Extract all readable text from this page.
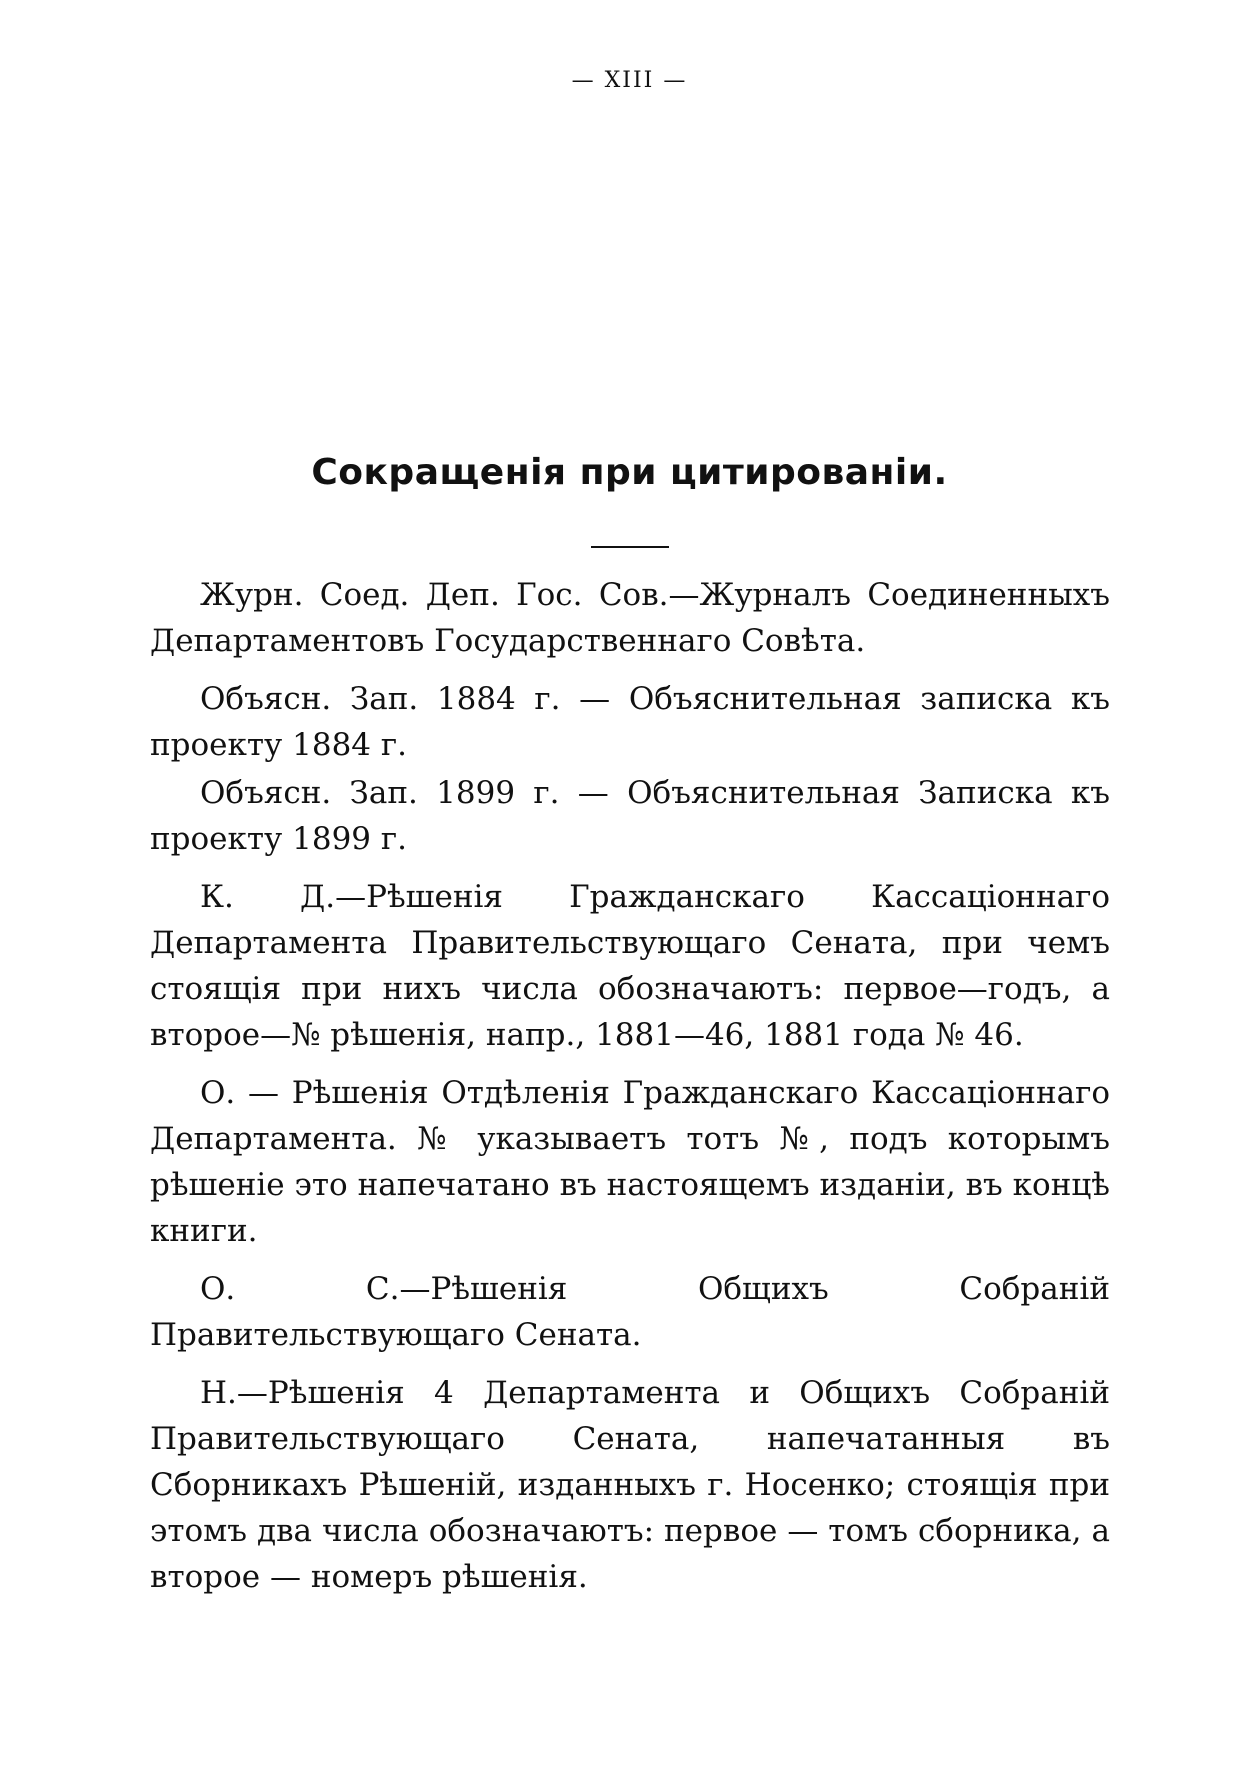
— XIII —
Сокращенія при цитированіи.

Журн. Соед. Деп. Гос. Сов.—Журналъ Соединенныхъ Департаментовъ Государственнаго Совѣта.

Объясн. Зап. 1884 г. — Объяснительная записка къ проекту 1884 г.

Объясн. Зап. 1899 г. — Объяснительная Записка къ проекту 1899 г.

К. Д.—Рѣшенія Гражданскаго Кассаціоннаго Департамента Правительствующаго Сената, при чемъ стоящія при нихъ числа обозначаютъ: первое—годъ, а второе—№ рѣшенія, напр., 1881—46, 1881 года № 46.

О. — Рѣшенія Отдѣленія Гражданскаго Кассаціоннаго Департамента. № указываетъ тотъ №, подъ которымъ рѣшеніе это напечатано въ настоящемъ изданіи, въ концѣ книги.

О. С.—Рѣшенія Общихъ Собраній Правительствующаго Сената.

Н.—Рѣшенія 4 Департамента и Общихъ Собраній Правительствующаго Сената, напечатанныя въ Сборникахъ Рѣшеній, изданныхъ г. Носенко; стоящія при этомъ два числа обозначаютъ: первое — томъ сборника, а второе — номеръ рѣшенія.
